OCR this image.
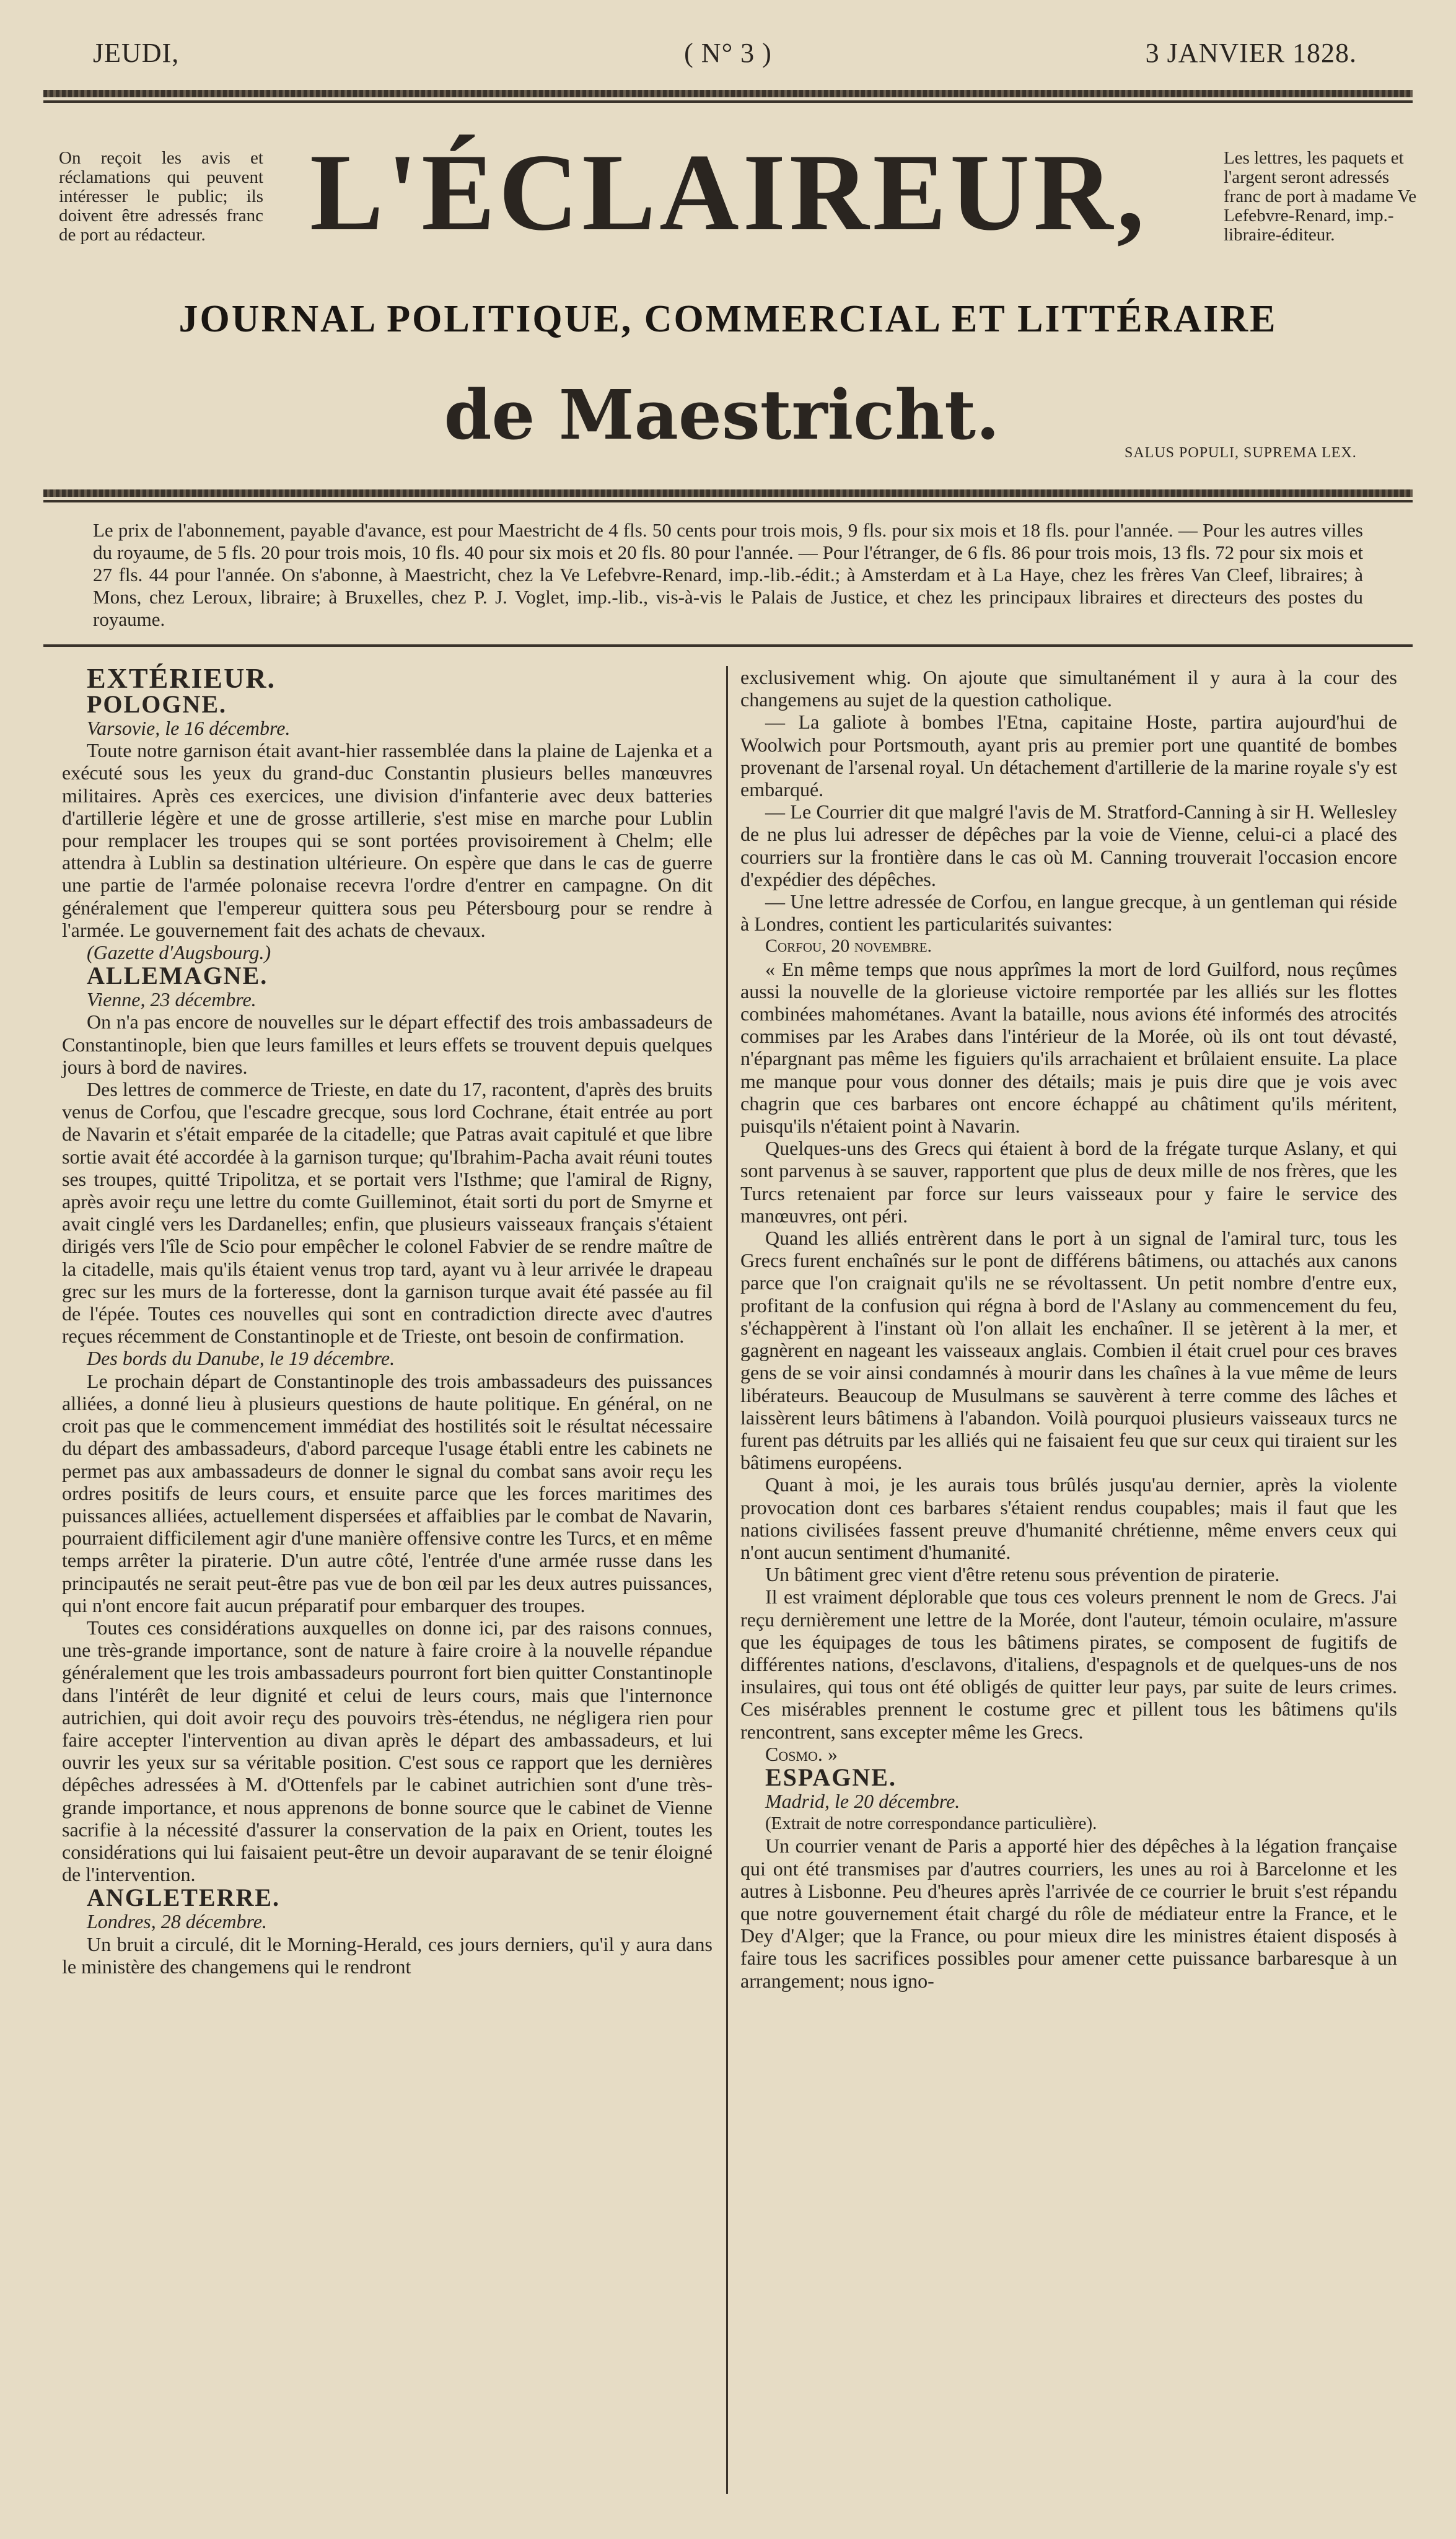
JEUDI,	( N° 3 )	3 JANVIER 1828.
On reçoit les avis et réclamations qui peuvent intéresser le public; ils doivent être adressés franc de port au rédacteur.
Les lettres, les paquets et l'argent seront adressés franc de port à madame Ve Lefebvre-Renard, imp.-libraire-éditeur.
L'ÉCLAIREUR,
JOURNAL POLITIQUE, COMMERCIAL ET LITTÉRAIRE
de Maestricht.	SALUS POPULI, SUPREMA LEX.

Le prix de l'abonnement, payable d'avance, est pour Maestricht de 4 fls. 50 cents pour trois mois, 9 fls. pour six mois et 18 fls. pour l'année. — Pour les autres villes du royaume, de 5 fls. 20 pour trois mois, 10 fls. 40 pour six mois et 20 fls. 80 pour l'année. — Pour l'étranger, de 6 fls. 86 pour trois mois, 13 fls. 72 pour six mois et 27 fls. 44 pour l'année. On s'abonne, à Maestricht, chez la Ve Lefebvre-Renard, imp.-lib.-édit.; à Amsterdam et à La Haye, chez les frères Van Cleef, libraires; à Mons, chez Leroux, libraire; à Bruxelles, chez P. J. Voglet, imp.-lib., vis-à-vis le Palais de Justice, et chez les principaux libraires et directeurs des postes du royaume.

EXTÉRIEUR.

POLOGNE.

Varsovie, le 16 décembre.

Toute notre garnison était avant-hier rassemblée dans la plaine de Lajenka et a exécuté sous les yeux du grand-duc Constantin plusieurs belles manœuvres militaires. Après ces exercices, une division d'infanterie avec deux batteries d'artillerie légère et une de grosse artillerie, s'est mise en marche pour Lublin pour remplacer les troupes qui se sont portées provisoirement à Chelm; elle attendra à Lublin sa destination ultérieure. On espère que dans le cas de guerre une partie de l'armée polonaise recevra l'ordre d'entrer en campagne. On dit généralement que l'empereur quittera sous peu Pétersbourg pour se rendre à l'armée. Le gouvernement fait des achats de chevaux.

(Gazette d'Augsbourg.)

ALLEMAGNE.

Vienne, 23 décembre.

On n'a pas encore de nouvelles sur le départ effectif des trois ambassadeurs de Constantinople, bien que leurs familles et leurs effets se trouvent depuis quelques jours à bord de navires.

Des lettres de commerce de Trieste, en date du 17, racontent, d'après des bruits venus de Corfou, que l'escadre grecque, sous lord Cochrane, était entrée au port de Navarin et s'était emparée de la citadelle; que Patras avait capitulé et que libre sortie avait été accordée à la garnison turque; qu'Ibrahim-Pacha avait réuni toutes ses troupes, quitté Tripolitza, et se portait vers l'Isthme; que l'amiral de Rigny, après avoir reçu une lettre du comte Guilleminot, était sorti du port de Smyrne et avait cinglé vers les Dardanelles; enfin, que plusieurs vaisseaux français s'étaient dirigés vers l'île de Scio pour empêcher le colonel Fabvier de se rendre maître de la citadelle, mais qu'ils étaient venus trop tard, ayant vu à leur arrivée le drapeau grec sur les murs de la forteresse, dont la garnison turque avait été passée au fil de l'épée. Toutes ces nouvelles qui sont en contradiction directe avec d'autres reçues récemment de Constantinople et de Trieste, ont besoin de confirmation.

Des bords du Danube, le 19 décembre.

Le prochain départ de Constantinople des trois ambassadeurs des puissances alliées, a donné lieu à plusieurs questions de haute politique. En général, on ne croit pas que le commencement immédiat des hostilités soit le résultat nécessaire du départ des ambassadeurs, d'abord parceque l'usage établi entre les cabinets ne permet pas aux ambassadeurs de donner le signal du combat sans avoir reçu les ordres positifs de leurs cours, et ensuite parce que les forces maritimes des puissances alliées, actuellement dispersées et affaiblies par le combat de Navarin, pourraient difficilement agir d'une manière offensive contre les Turcs, et en même temps arrêter la piraterie. D'un autre côté, l'entrée d'une armée russe dans les principautés ne serait peut-être pas vue de bon œil par les deux autres puissances, qui n'ont encore fait aucun préparatif pour embarquer des troupes.

Toutes ces considérations auxquelles on donne ici, par des raisons connues, une très-grande importance, sont de nature à faire croire à la nouvelle répandue généralement que les trois ambassadeurs pourront fort bien quitter Constantinople dans l'intérêt de leur dignité et celui de leurs cours, mais que l'internonce autrichien, qui doit avoir reçu des pouvoirs très-étendus, ne négligera rien pour faire accepter l'intervention au divan après le départ des ambassadeurs, et lui ouvrir les yeux sur sa véritable position. C'est sous ce rapport que les dernières dépêches adressées à M. d'Ottenfels par le cabinet autrichien sont d'une très-grande importance, et nous apprenons de bonne source que le cabinet de Vienne sacrifie à la nécessité d'assurer la conservation de la paix en Orient, toutes les considérations qui lui faisaient peut-être un devoir auparavant de se tenir éloigné de l'intervention.

ANGLETERRE.

Londres, 28 décembre.

Un bruit a circulé, dit le Morning-Herald, ces jours derniers, qu'il y aura dans le ministère des changemens qui le rendront

exclusivement whig. On ajoute que simultanément il y aura à la cour des changemens au sujet de la question catholique.

— La galiote à bombes l'Etna, capitaine Hoste, partira aujourd'hui de Woolwich pour Portsmouth, ayant pris au premier port une quantité de bombes provenant de l'arsenal royal. Un détachement d'artillerie de la marine royale s'y est embarqué.

— Le Courrier dit que malgré l'avis de M. Stratford-Canning à sir H. Wellesley de ne plus lui adresser de dépêches par la voie de Vienne, celui-ci a placé des courriers sur la frontière dans le cas où M. Canning trouverait l'occasion encore d'expédier des dépêches.

— Une lettre adressée de Corfou, en langue grecque, à un gentleman qui réside à Londres, contient les particularités suivantes:

Corfou, 20 novembre.

« En même temps que nous apprîmes la mort de lord Guilford, nous reçûmes aussi la nouvelle de la glorieuse victoire remportée par les alliés sur les flottes combinées mahométanes. Avant la bataille, nous avions été informés des atrocités commises par les Arabes dans l'intérieur de la Morée, où ils ont tout dévasté, n'épargnant pas même les figuiers qu'ils arrachaient et brûlaient ensuite. La place me manque pour vous donner des détails; mais je puis dire que je vois avec chagrin que ces barbares ont encore échappé au châtiment qu'ils méritent, puisqu'ils n'étaient point à Navarin.

Quelques-uns des Grecs qui étaient à bord de la frégate turque Aslany, et qui sont parvenus à se sauver, rapportent que plus de deux mille de nos frères, que les Turcs retenaient par force sur leurs vaisseaux pour y faire le service des manœuvres, ont péri.

Quand les alliés entrèrent dans le port à un signal de l'amiral turc, tous les Grecs furent enchaînés sur le pont de différens bâtimens, ou attachés aux canons parce que l'on craignait qu'ils ne se révoltassent. Un petit nombre d'entre eux, profitant de la confusion qui régna à bord de l'Aslany au commencement du feu, s'échappèrent à l'instant où l'on allait les enchaîner. Il se jetèrent à la mer, et gagnèrent en nageant les vaisseaux anglais. Combien il était cruel pour ces braves gens de se voir ainsi condamnés à mourir dans les chaînes à la vue même de leurs libérateurs. Beaucoup de Musulmans se sauvèrent à terre comme des lâches et laissèrent leurs bâtimens à l'abandon. Voilà pourquoi plusieurs vaisseaux turcs ne furent pas détruits par les alliés qui ne faisaient feu que sur ceux qui tiraient sur les bâtimens européens.

Quant à moi, je les aurais tous brûlés jusqu'au dernier, après la violente provocation dont ces barbares s'étaient rendus coupables; mais il faut que les nations civilisées fassent preuve d'humanité chrétienne, même envers ceux qui n'ont aucun sentiment d'humanité.

Un bâtiment grec vient d'être retenu sous prévention de piraterie.

Il est vraiment déplorable que tous ces voleurs prennent le nom de Grecs. J'ai reçu dernièrement une lettre de la Morée, dont l'auteur, témoin oculaire, m'assure que les équipages de tous les bâtimens pirates, se composent de fugitifs de différentes nations, d'esclavons, d'italiens, d'espagnols et de quelques-uns de nos insulaires, qui tous ont été obligés de quitter leur pays, par suite de leurs crimes. Ces misérables prennent le costume grec et pillent tous les bâtimens qu'ils rencontrent, sans excepter même les Grecs.

Cosmo. »

ESPAGNE.

Madrid, le 20 décembre.

(Extrait de notre correspondance particulière).

Un courrier venant de Paris a apporté hier des dépêches à la légation française qui ont été transmises par d'autres courriers, les unes au roi à Barcelonne et les autres à Lisbonne. Peu d'heures après l'arrivée de ce courrier le bruit s'est répandu que notre gouvernement était chargé du rôle de médiateur entre la France, et le Dey d'Alger; que la France, ou pour mieux dire les ministres étaient disposés à faire tous les sacrifices possibles pour amener cette puissance barbaresque à un arrangement; nous igno-
